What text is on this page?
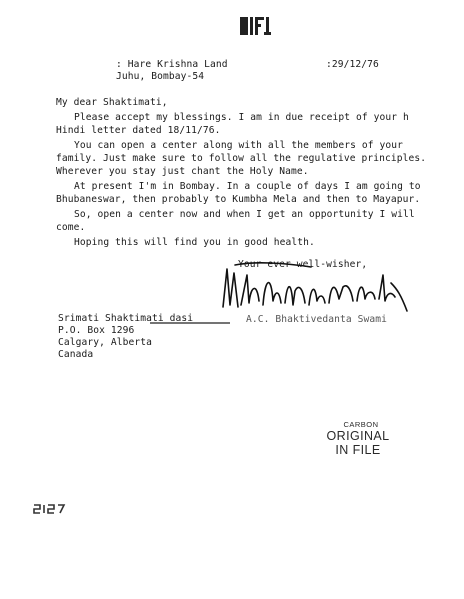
: Hare Krishna Land
Juhu, Bombay-54
:29/12/76
My dear Shaktimati,
Please accept my blessings. I am in due receipt of your h
Hindi letter dated 18/11/76.
You can open a center along with all the members of your
family. Just make sure to follow all the regulative principles.
Wherever you stay just chant the Holy Name.
At present I'm in Bombay. In a couple of days I am going to
Bhubaneswar, then probably to Kumbha Mela and then to Mayapur.
So, open a center now and when I get an opportunity I will
come.
Hoping this will find you in good health.
Your ever well-wisher,
A.C. Bhaktivedanta Swami
Srimati Shaktimati dasi
P.O. Box 1296
Calgary, Alberta
Canada
CARBON
ORIGINAL
IN FILE
